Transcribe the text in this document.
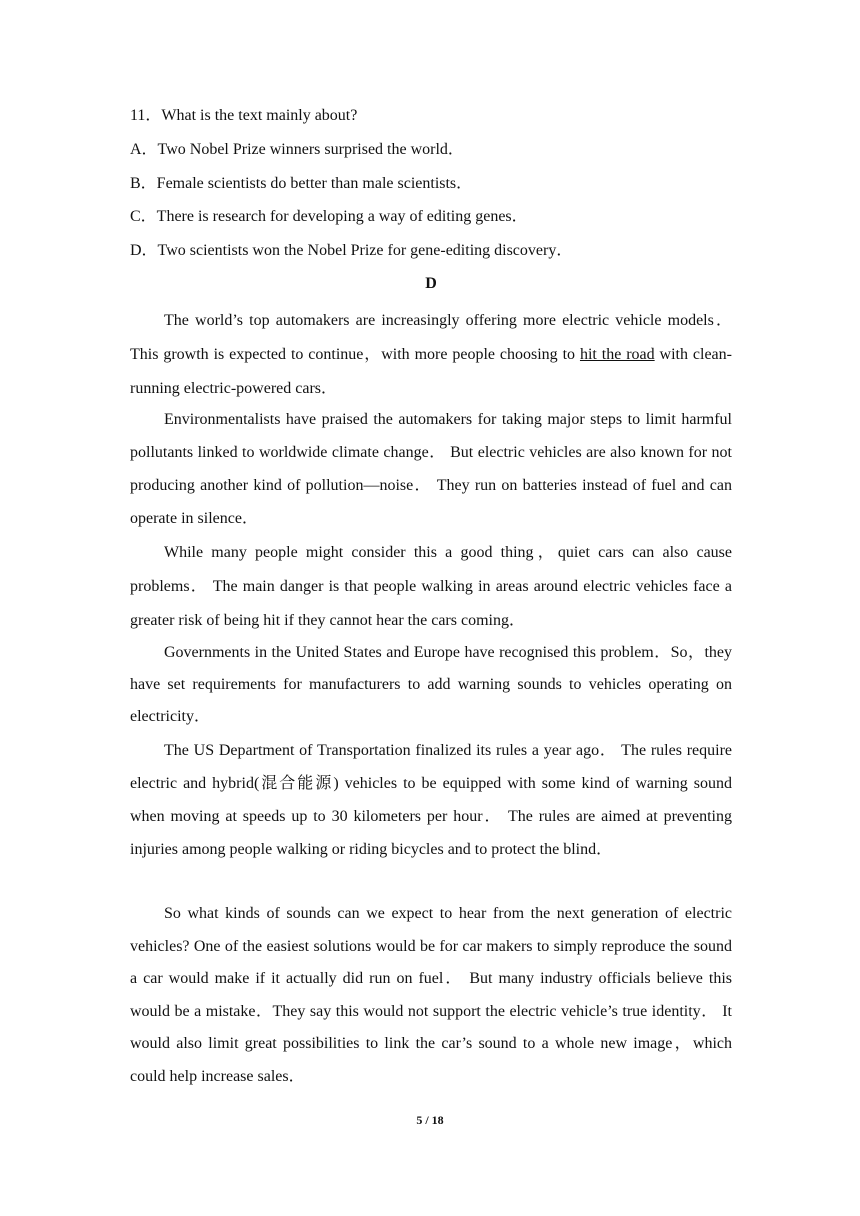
11．What is the text mainly about?
A．Two Nobel Prize winners surprised the world．
B．Female scientists do better than male scientists．
C．There is research for developing a way of editing genes．
D．Two scientists won the Nobel Prize for gene-editing discovery．
D

The world’s top automakers are increasingly offering more electric vehicle models． This growth is expected to continue，with more people choosing to hit the road with clean-running electric-powered cars．

Environmentalists have praised the automakers for taking major steps to limit harmful pollutants linked to worldwide climate change． But electric vehicles are also known for not producing another kind of pollution—noise． They run on batteries instead of fuel and can operate in silence．

While many people might consider this a good thing，quiet cars can also cause problems． The main danger is that people walking in areas around electric vehicles face a greater risk of being hit if they cannot hear the cars coming．

Governments in the United States and Europe have recognised this problem．So，they have set requirements for manufacturers to add warning sounds to vehicles operating on electricity．

The US Department of Transportation finalized its rules a year ago． The rules require electric and hybrid(混合能源) vehicles to be equipped with some kind of warning sound when moving at speeds up to 30 kilometers per hour． The rules are aimed at preventing injuries among people walking or riding bicycles and to protect the blind．

So what kinds of sounds can we expect to hear from the next generation of electric vehicles? One of the easiest solutions would be for car makers to simply reproduce the sound a car would make if it actually did run on fuel． But many industry officials believe this would be a mistake．They say this would not support the electric vehicle’s true identity． It would also limit great possibilities to link the car’s sound to a whole new image，which could help increase sales．

5 / 18
